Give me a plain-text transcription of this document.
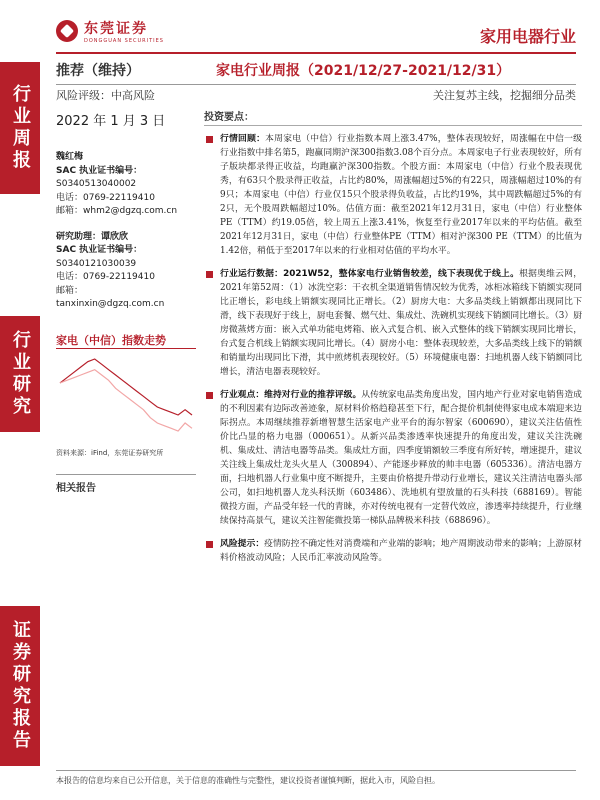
行业周报
行业研究
证券研究报告
东莞证券
DONGGUAN SECURITIES	家用电器行业
推荐（维持）	家电行业周报（2021/12/27-2021/12/31）
风险评级：中高风险	关注复苏主线，挖掘细分品类
2022 年 1 月 3 日
魏红梅
SAC 执业证书编号：
S0340513040002
电话：0769-22119410
邮箱：whm2@dgzq.com.cn
研究助理：谭欣欣
SAC 执业证书编号：
S0340121030039
电话：0769-22119410
邮箱：
tanxinxin@dgzq.com.cn
家电（中信）指数走势
资料来源：iFind，东莞证券研究所
相关报告
投资要点：
行情回顾：本周家电（中信）行业指数本周上涨3.47%，整体表现较好，周涨幅在中信一级行业指数中排名第5，跑赢同期沪深300指数3.08个百分点。本周家电子行业表现较好，所有子版块都录得正收益，均跑赢沪深300指数。个股方面：本周家电（中信）行业个股表现优秀，有63只个股录得正收益，占比约80%，周涨幅超过5%的有22只，周涨幅超过10%的有9只；本周家电（中信）行业仅15只个股录得负收益，占比约19%，其中周跌幅超过5%的有2只，无个股周跌幅超过10%。估值方面：截至2021年12月31日，家电（中信）行业整体PE（TTM）约19.05倍，较上周五上涨3.41%，恢复至行业2017年以来的平均估值。截至2021年12月31日，家电（中信）行业整体PE（TTM）相对沪深300 PE（TTM）的比值为1.42倍，稍低于至2017年以来的行业相对估值的平均水平。
行业运行数据：2021W52，整体家电行业销售较差，线下表现优于线上。根据奥维云网，2021年第52周：（1）冰洗空彩：干衣机全渠道销售情况较为优秀，冰柜冰箱线下销额实现同比正增长，彩电线上销额实现同比正增长。（2）厨房大电：大多品类线上销额都出现同比下滑，线下表现好于线上，厨电套餐、燃气灶、集成灶、洗碗机实现线下销额同比增长。（3）厨房微蒸烤方面：嵌入式单功能电烤箱、嵌入式复合机、嵌入式整体的线下销额实现同比增长，台式复合机线上销额实现同比增长。（4）厨房小电：整体表现较差，大多品类线上线下的销额和销量均出现同比下滑，其中煎烤机表现较好。（5）环境健康电器：扫地机器人线下销额同比增长，清洁电器表现较好。
行业观点：维持对行业的推荐评级。从传统家电品类角度出发，国内地产行业对家电销售造成的不利因素有边际改善迹象，原材料价格趋稳甚至下行，配合提价机制使得家电成本端迎来边际拐点。本周继续推荐新增智慧生活家电产业平台的海尔智家（600690），建议关注估值性价比凸显的格力电器（000651）。从新兴品类渗透率快速提升的角度出发，建议关注洗碗机、集成灶、清洁电器等品类。集成灶方面，四季度销额较三季度有所好转，增速提升，建议关注线上集成灶龙头火星人（300894）、产能逐步释放的帅丰电器（605336）。清洁电器方面，扫地机器人行业集中度不断提升，主要由价格提升带动行业增长，建议关注清洁电器头部公司，如扫地机器人龙头科沃斯（603486）、洗地机有望放量的石头科技（688169）。智能微投方面，产品受年轻一代的青睐，亦对传统电视有一定替代效应，渗透率持续提升，行业继续保持高景气，建议关注智能微投第一梯队品牌极米科技（688696）。
风险提示：疫情防控不确定性对消费端和产业端的影响；地产周期波动带来的影响；上游原材料价格波动风险；人民币汇率波动风险等。
本报告的信息均来自已公开信息，关于信息的准确性与完整性，建议投资者谨慎判断，据此入市，风险自担。
